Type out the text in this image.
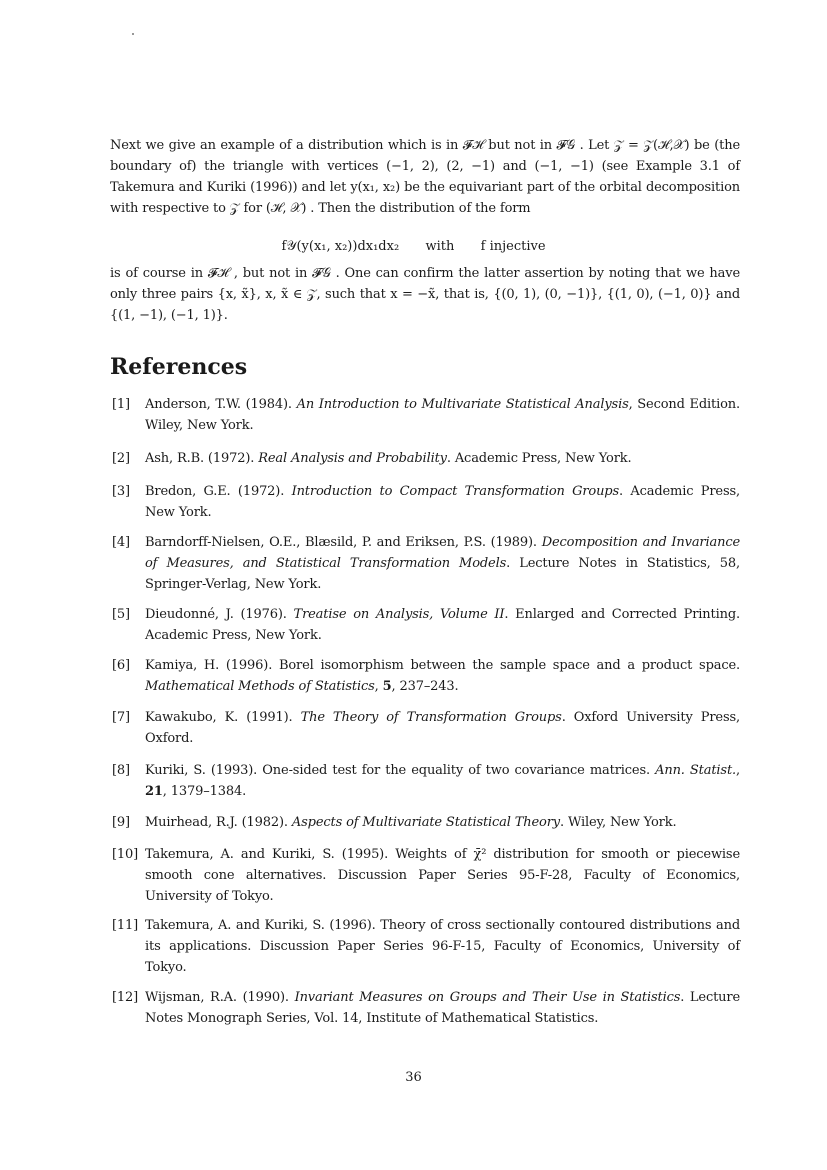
Next we give an example of a distribution which is in 𝓕ℋ but not in 𝓕𝒢 . Let 𝒵 = 𝒵(ℋ,𝒳) be (the boundary of) the triangle with vertices (−1, 2), (2, −1) and (−1, −1) (see Example 3.1 of Takemura and Kuriki (1996)) and let y(x₁, x₂) be the equivariant part of the orbital decomposition with respective to 𝒵 for (ℋ, 𝒳) . Then the distribution of the form

f𝒴(y(x₁, x₂))dx₁dx₂ with f injective

is of course in 𝓕ℋ , but not in 𝓕𝒢 . One can confirm the latter assertion by noting that we have only three pairs {x, x̃}, x, x̃ ∈ 𝒵, such that x = −x̃, that is, {(0, 1), (0, −1)}, {(1, 0), (−1, 0)} and {(1, −1), (−1, 1)}.

References
[1]	Anderson, T.W. (1984). An Introduction to Multivariate Statistical Analysis, Second Edition. Wiley, New York.
[2]	Ash, R.B. (1972). Real Analysis and Probability. Academic Press, New York.
[3]	Bredon, G.E. (1972). Introduction to Compact Transformation Groups. Academic Press, New York.
[4]	Barndorff-Nielsen, O.E., Blæsild, P. and Eriksen, P.S. (1989). Decomposition and Invariance of Measures, and Statistical Transformation Models. Lecture Notes in Statistics, 58, Springer-Verlag, New York.
[5]	Dieudonné, J. (1976). Treatise on Analysis, Volume II. Enlarged and Corrected Printing. Academic Press, New York.
[6]	Kamiya, H. (1996). Borel isomorphism between the sample space and a product space. Mathematical Methods of Statistics, 5, 237–243.
[7]	Kawakubo, K. (1991). The Theory of Transformation Groups. Oxford University Press, Oxford.
[8]	Kuriki, S. (1993). One-sided test for the equality of two covariance matrices. Ann. Statist., 21, 1379–1384.
[9]	Muirhead, R.J. (1982). Aspects of Multivariate Statistical Theory. Wiley, New York.
[10] Takemura, A. and Kuriki, S. (1995). Weights of χ̄² distribution for smooth or piecewise smooth cone alternatives. Discussion Paper Series 95-F-28, Faculty of Economics, University of Tokyo.
[11] Takemura, A. and Kuriki, S. (1996). Theory of cross sectionally contoured distributions and its applications. Discussion Paper Series 96-F-15, Faculty of Economics, University of Tokyo.
[12] Wijsman, R.A. (1990). Invariant Measures on Groups and Their Use in Statistics. Lecture Notes Monograph Series, Vol. 14, Institute of Mathematical Statistics.
36
